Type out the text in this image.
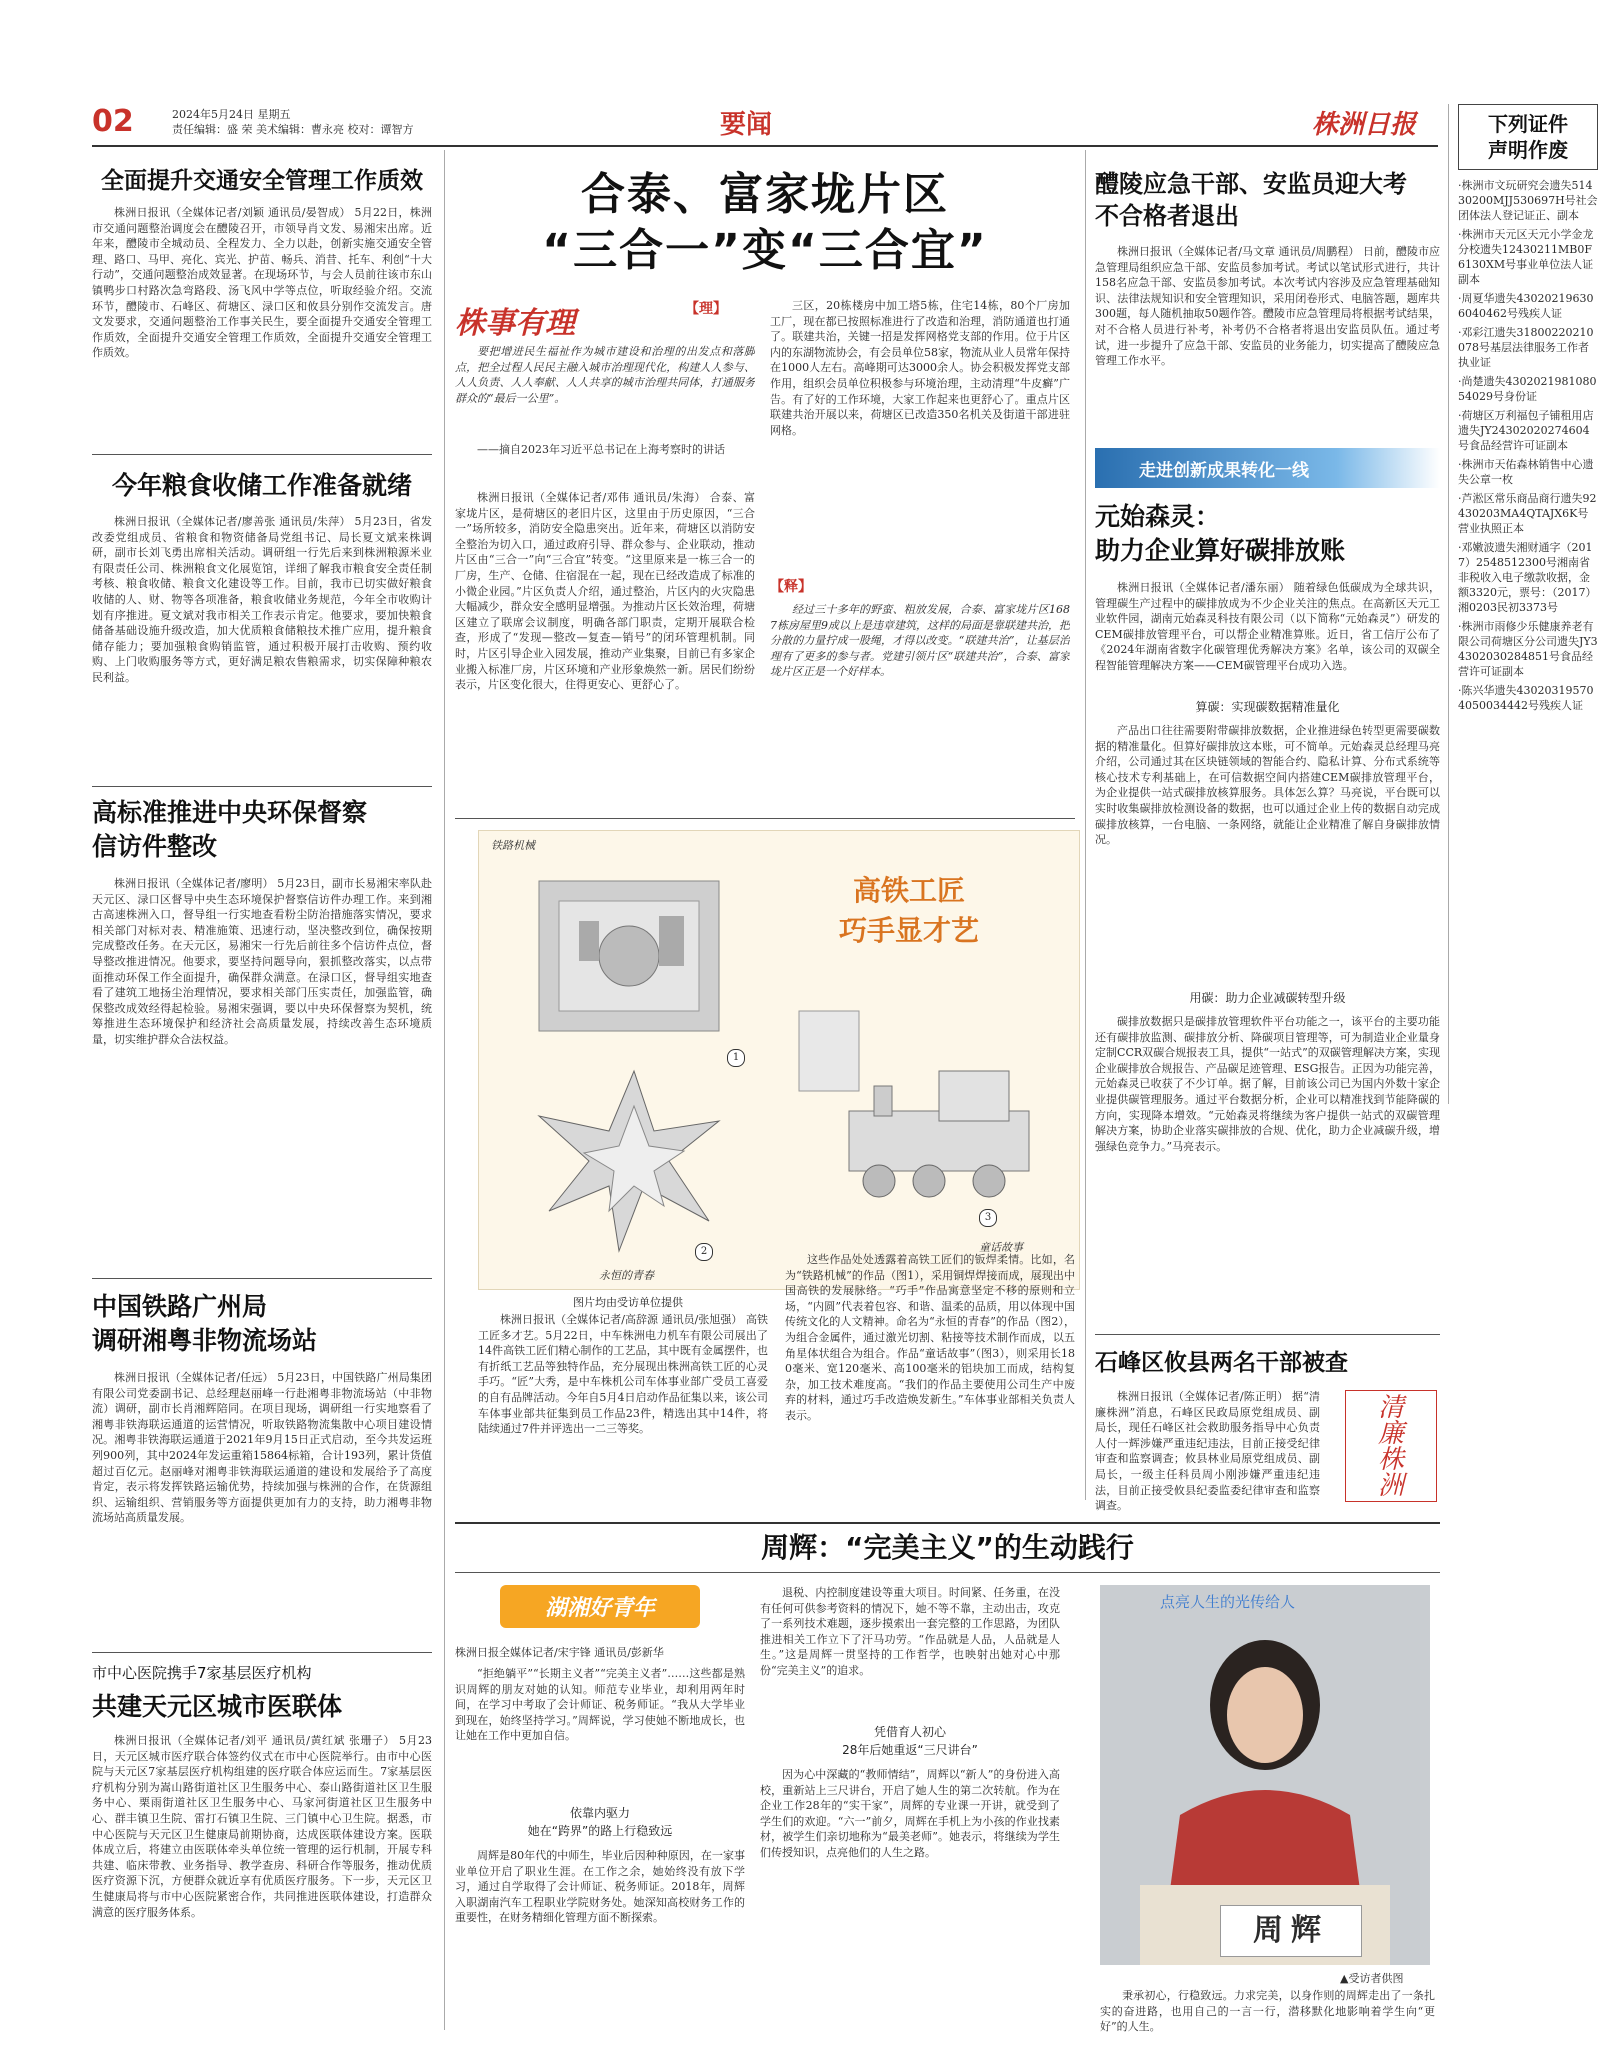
02	2024年5月24日 星期五
责任编辑：盛 荣 美术编辑：曹永亮 校对：谭智方	要闻	株洲日报
全面提升交通安全管理工作质效

株洲日报讯（全媒体记者/刘颖 通讯员/晏智成） 5月22日，株洲市交通问题整治调度会在醴陵召开，市领导肖文发、易湘宋出席。近年来，醴陵市全城动员、全程发力、全力以赴，创新实施交通安全管理、路口、马甲、亮化、宾光、护苗、畅兵、消昔、托车、利创“十大行动”，交通问题整治成效显著。在现场环节，与会人员前往该市东山镇鸭步口村路次急弯路段、汤飞风中学等点位，听取经验介绍。交流环节，醴陵市、石峰区、荷塘区、渌口区和攸县分别作交流发言。唐文发要求，交通问题整治工作事关民生，要全面提升交通安全管理工作质效，全面提升交通安全管理工作质效，全面提升交通安全管理工作质效。

今年粮食收储工作准备就绪

株洲日报讯（全媒体记者/廖善张 通讯员/朱萍） 5月23日，省发改委党组成员、省粮食和物资储备局党组书记、局长夏文斌来株调研，副市长刘飞勇出席相关活动。调研组一行先后来到株洲粮源米业有限责任公司、株洲粮食文化展览馆，详细了解我市粮食安全责任制考核、粮食收储、粮食文化建设等工作。目前，我市已切实做好粮食收储的人、财、物等各项准备，粮食收储业务规范，今年全市收购计划有序推进。夏文斌对我市相关工作表示肯定。他要求，要加快粮食储备基础设施升级改造，加大优质粮食储粮技术推广应用，提升粮食储存能力；要加强粮食购销监管，通过积极开展打击收购、预约收购、上门收购服务等方式，更好满足粮农售粮需求，切实保障种粮农民利益。

高标准推进中央环保督察
信访件整改

株洲日报讯（全媒体记者/廖明） 5月23日，副市长易湘宋率队赴天元区、渌口区督导中央生态环境保护督察信访件办理工作。来到湘古高速株洲入口，督导组一行实地查看粉尘防治措施落实情况，要求相关部门对标对表、精准施策、迅速行动，坚决整改到位，确保按期完成整改任务。在天元区，易湘宋一行先后前往多个信访件点位，督导整改推进情况。他要求，要坚持问题导向，狠抓整改落实，以点带面推动环保工作全面提升，确保群众满意。在渌口区，督导组实地查看了建筑工地扬尘治理情况，要求相关部门压实责任，加强监管，确保整改成效经得起检验。易湘宋强调，要以中央环保督察为契机，统筹推进生态环境保护和经济社会高质量发展，持续改善生态环境质量，切实维护群众合法权益。

中国铁路广州局
调研湘粤非物流场站

株洲日报讯（全媒体记者/任远） 5月23日，中国铁路广州局集团有限公司党委副书记、总经理赵丽峰一行赴湘粤非物流场站（中非物流）调研，副市长肖湘辉陪同。在项目现场，调研组一行实地察看了湘粤非铁海联运通道的运营情况，听取铁路物流集散中心项目建设情况。湘粤非铁海联运通道于2021年9月15日正式启动，至今共发运班列900列，其中2024年发运重箱15864标箱，合计193列，累计货值超过百亿元。赵丽峰对湘粤非铁海联运通道的建设和发展给予了高度肯定，表示将发挥铁路运输优势，持续加强与株洲的合作，在货源组织、运输组织、营销服务等方面提供更加有力的支持，助力湘粤非物流场站高质量发展。

市中心医院携手7家基层医疗机构
共建天元区城市医联体

株洲日报讯（全媒体记者/刘平 通讯员/黄红斌 张珊子） 5月23日，天元区城市医疗联合体签约仪式在市中心医院举行。由市中心医院与天元区7家基层医疗机构组建的医疗联合体应运而生。7家基层医疗机构分别为嵩山路街道社区卫生服务中心、泰山路街道社区卫生服务中心、栗雨街道社区卫生服务中心、马家河街道社区卫生服务中心、群丰镇卫生院、雷打石镇卫生院、三门镇中心卫生院。据悉，市中心医院与天元区卫生健康局前期协商，达成医联体建设方案。医联体成立后，将建立由医联体牵头单位统一管理的运行机制，开展专科共建、临床带教、业务指导、教学查房、科研合作等服务，推动优质医疗资源下沉，方便群众就近享有优质医疗服务。下一步，天元区卫生健康局将与市中心医院紧密合作，共同推进医联体建设，打造群众满意的医疗服务体系。

合泰、富家垅片区
“三合一”变“三合宜”
株事有理	【理】

要把增进民生福祉作为城市建设和治理的出发点和落脚点，把全过程人民民主融入城市治理现代化，构建人人参与、人人负责、人人奉献、人人共享的城市治理共同体，打通服务群众的“最后一公里”。

——摘自2023年习近平总书记在上海考察时的讲话

株洲日报讯（全媒体记者/邓伟 通讯员/朱海） 合泰、富家垅片区，是荷塘区的老旧片区，这里由于历史原因，“三合一”场所较多，消防安全隐患突出。近年来，荷塘区以消防安全整治为切入口，通过政府引导、群众参与、企业联动，推动片区由“三合一”向“三合宜”转变。“这里原来是一栋三合一的厂房，生产、仓储、住宿混在一起，现在已经改造成了标准的小微企业园。”片区负责人介绍，通过整治，片区内的火灾隐患大幅减少，群众安全感明显增强。为推动片区长效治理，荷塘区建立了联席会议制度，明确各部门职责，定期开展联合检查，形成了“发现—整改—复查—销号”的闭环管理机制。同时，片区引导企业入园发展，推动产业集聚，目前已有多家企业搬入标准厂房，片区环境和产业形象焕然一新。居民们纷纷表示，片区变化很大，住得更安心、更舒心了。

三区，20栋楼房中加工塔5栋，住宅14栋，80个厂房加工厂，现在都已按照标准进行了改造和治理，消防通道也打通了。联建共治，关键一招是发挥网格党支部的作用。位于片区内的东湖物流协会，有会员单位58家，物流从业人员常年保持在1000人左右。高峰期可达3000余人。协会积极发挥党支部作用，组织会员单位积极参与环境治理，主动清理“牛皮癣”广告。有了好的工作环境，大家工作起来也更舒心了。重点片区联建共治开展以来，荷塘区已改造350名机关及街道干部进驻网格。

【释】

经过三十多年的野蛮、粗放发展，合泰、富家垅片区1687栋房屋里9成以上是违章建筑，这样的局面是靠联建共治，把分散的力量拧成一股绳，才得以改变。“联建共治”，让基层治理有了更多的参与者。党建引领片区“联建共治”，合泰、富家垅片区正是一个好样本。

铁路机械
1
高铁工匠
巧手显才艺
2
永恒的青春
3
童话故事
图片均由受访单位提供

株洲日报讯（全媒体记者/高辞源 通讯员/张旭强） 高铁工匠多才艺。5月22日，中车株洲电力机车有限公司展出了14件高铁工匠们精心制作的工艺品，其中既有金属摆件，也有折纸工艺品等独特作品，充分展现出株洲高铁工匠的心灵手巧。“匠”大秀，是中车株机公司车体事业部广受员工喜爱的自有品牌活动。今年自5月4日启动作品征集以来，该公司车体事业部共征集到员工作品23件，精选出其中14件，将陆续通过7件并评选出一二三等奖。

这些作品处处透露着高铁工匠们的钣焊柔情。比如，名为“铁路机械”的作品（图1），采用铜焊焊接而成，展现出中国高铁的发展脉络。“巧手”作品寓意坚定不移的原则和立场，“内圆”代表着包容、和谐、温柔的品质，用以体现中国传统文化的人文精神。命名为“永恒的青春”的作品（图2），为组合金属件，通过激光切割、粘接等技术制作而成，以五角星体状组合为组合。作品“童话故事”（图3），则采用长180毫米、宽120毫米、高100毫米的铝块加工而成，结构复杂，加工技术难度高。“我们的作品主要使用公司生产中废弃的材料，通过巧手改造焕发新生。”车体事业部相关负责人表示。

醴陵应急干部、安监员迎大考
不合格者退出

株洲日报讯（全媒体记者/马文章 通讯员/周鹏程） 日前，醴陵市应急管理局组织应急干部、安监员参加考试。考试以笔试形式进行，共计158名应急干部、安监员参加考试。本次考试内容涉及应急管理基础知识、法律法规知识和安全管理知识，采用闭卷形式、电脑答题，题库共300题，每人随机抽取50题作答。醴陵市应急管理局将根据考试结果，对不合格人员进行补考，补考仍不合格者将退出安监员队伍。通过考试，进一步提升了应急干部、安监员的业务能力，切实提高了醴陵应急管理工作水平。

走进创新成果转化一线
元始森灵：
助力企业算好碳排放账

株洲日报讯（全媒体记者/潘东丽） 随着绿色低碳成为全球共识，管理碳生产过程中的碳排放成为不少企业关注的焦点。在高新区天元工业软件园，湖南元始森灵科技有限公司（以下简称“元始森灵”）研发的CEM碳排放管理平台，可以帮企业精准算账。近日，省工信厅公布了《2024年湖南省数字化碳管理优秀解决方案》名单，该公司的双碳全程智能管理解决方案——CEM碳管理平台成功入选。

算碳：实现碳数据精准量化

产品出口往往需要附带碳排放数据，企业推进绿色转型更需要碳数据的精准量化。但算好碳排放这本账，可不简单。元始森灵总经理马亮介绍，公司通过其在区块链领域的智能合约、隐私计算、分布式系统等核心技术专利基础上，在可信数据空间内搭建CEM碳排放管理平台，为企业提供一站式碳排放核算服务。具体怎么算？马亮说，平台既可以实时收集碳排放检测设备的数据，也可以通过企业上传的数据自动完成碳排放核算，一台电脑、一条网络，就能让企业精准了解自身碳排放情况。

用碳：助力企业减碳转型升级

碳排放数据只是碳排放管理软件平台功能之一，该平台的主要功能还有碳排放监测、碳排放分析、降碳项目管理等，可为制造业企业量身定制CCR双碳合规报表工具，提供“一站式”的双碳管理解决方案，实现企业碳排放合规报告、产品碳足迹管理、ESG报告。正因为功能完善，元始森灵已收获了不少订单。据了解，目前该公司已为国内外数十家企业提供碳管理服务。通过平台数据分析，企业可以精准找到节能降碳的方向，实现降本增效。“元始森灵将继续为客户提供一站式的双碳管理解决方案，协助企业落实碳排放的合规、优化，助力企业减碳升级，增强绿色竞争力。”马亮表示。

石峰区攸县两名干部被查

株洲日报讯（全媒体记者/陈正明） 据“清廉株洲”消息，石峰区民政局原党组成员、副局长，现任石峰区社会救助服务指导中心负责人付一辉涉嫌严重违纪违法，目前正接受纪律审查和监察调查；攸县林业局原党组成员、副局长，一级主任科员周小刚涉嫌严重违纪违法，目前正接受攸县纪委监委纪律审查和监察调查。

清廉株洲
下列证件
声明作废
·株洲市文玩研究会遗失51430200MJJ530697H号社会团体法人登记证正、副本
·株洲市天元区天元小学金龙分校遗失12430211MB0F6130XM号事业单位法人证副本
·周夏华遗失430202196306040462号残疾人证
·邓彩江遗失31800220210078号基层法律服务工作者执业证
·尚楚遗失430202198108054029号身份证
·荷塘区万利福包子铺租用店遗失JY24302020274604号食品经营许可证副本
·株洲市天佑森林销售中心遗失公章一枚
·芦淞区常乐商品商行遗失92430203MA4QTAJX6K号营业执照正本
·邓嫩波遗失湘财通字（2017）2548512300号湘南省非税收入电子缴款收据，金额3320元，票号：（2017）湘0203民初3373号
·株洲市雨修少乐健康养老有限公司荷塘区分公司遗失JY34302030284851号食品经营许可证副本
·陈兴华遗失430203195704050034442号残疾人证
周辉：“完美主义”的生动践行
湖湘好青年
株洲日报全媒体记者/宋宇锋 通讯员/彭新华

“拒绝躺平”“长期主义者”“完美主义者”……这些都是熟识周辉的朋友对她的认知。师范专业毕业，却利用两年时间，在学习中考取了会计师证、税务师证。“我从大学毕业到现在，始终坚持学习。”周辉说，学习使她不断地成长，也让她在工作中更加自信。

依靠内驱力
她在“跨界”的路上行稳致远

周辉是80年代的中师生，毕业后因种种原因，在一家事业单位开启了职业生涯。在工作之余，她始终没有放下学习，通过自学取得了会计师证、税务师证。2018年，周辉入职湖南汽车工程职业学院财务处。她深知高校财务工作的重要性，在财务精细化管理方面不断探索。

退税、内控制度建设等重大项目。时间紧、任务重，在没有任何可供参考资料的情况下，她不等不靠，主动出击，攻克了一系列技术难题，逐步摸索出一套完整的工作思路，为团队推进相关工作立下了汗马功劳。“作品就是人品，人品就是人生。”这是周辉一贯坚持的工作哲学，也映射出她对心中那份“完美主义”的追求。

凭借育人初心
28年后她重返“三尺讲台”

因为心中深藏的“教师情结”，周辉以“新人”的身份进入高校，重新站上三尺讲台，开启了她人生的第二次转航。作为在企业工作28年的“实干家”，周辉的专业课一开讲，就受到了学生们的欢迎。“六一”前夕，周辉在手机上为小孩的作业找素材，被学生们亲切地称为“最美老师”。她表示，将继续为学生们传授知识，点亮他们的人生之路。

点亮人生的光传给人
周辉
▲受访者供图

秉承初心，行稳致远。力求完美，以身作则的周辉走出了一条扎实的奋进路，也用自己的一言一行，潜移默化地影响着学生向“更好”的人生。
